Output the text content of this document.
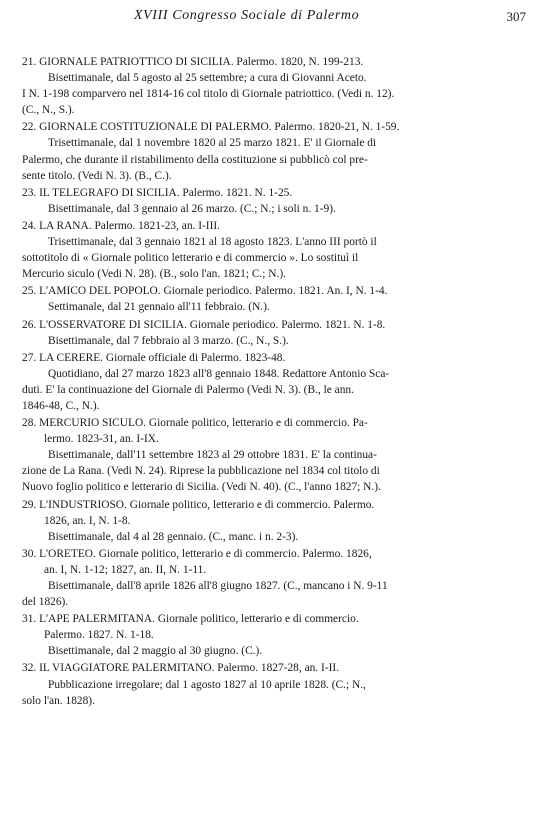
XVIII Congresso Sociale di Palermo	307

21. GIORNALE PATRIOTTICO DI SICILIA. Palermo. 1820, N. 199-213.

Bisettimanale, dal 5 agosto al 25 settembre; a cura di Giovanni Aceto.

I N. 1-198 comparvero nel 1814-16 col titolo di Giornale patriottico. (Vedi n. 12).

(C., N., S.).

22. GIORNALE COSTITUZIONALE DI PALERMO. Palermo. 1820-21, N. 1-59.

Trisettimanale, dal 1 novembre 1820 al 25 marzo 1821. E' il Giornale di

Palermo, che durante il ristabilimento della costituzione si pubblicò col pre-

sente titolo. (Vedi N. 3). (B., C.).

23. IL TELEGRAFO DI SICILIA. Palermo. 1821. N. 1-25.

Bisettimanale, dal 3 gennaio al 26 marzo. (C.; N.; i soli n. 1-9).

24. LA RANA. Palermo. 1821-23, an. I-III.

Trisettimanale, dal 3 gennaio 1821 al 18 agosto 1823. L'anno III portò il

sottotitolo di « Giornale politico letterario e di commercio ». Lo sostituì il

Mercurio siculo (Vedi N. 28). (B., solo l'an. 1821; C.; N.).

25. L'AMICO DEL POPOLO. Giornale periodico. Palermo. 1821. An. I, N. 1-4.

Settimanale, dal 21 gennaio all'11 febbraio. (N.).

26. L'OSSERVATORE DI SICILIA. Giornale periodico. Palermo. 1821. N. 1-8.

Bisettimanale, dal 7 febbraio al 3 marzo. (C., N., S.).

27. LA CERERE. Giornale officiale di Palermo. 1823-48.

Quotidiano, dal 27 marzo 1823 all'8 gennaio 1848. Redattore Antonio Sca-

duti. E' la continuazione del Giornale di Palermo (Vedi N. 3). (B., le ann.

1846-48, C., N.).

28. MERCURIO SICULO. Giornale politico, letterario e di commercio. Pa-

lermo. 1823-31, an. I-IX.

Bisettimanale, dall'11 settembre 1823 al 29 ottobre 1831. E' la continua-

zione de La Rana. (Vedi N. 24). Riprese la pubblicazione nel 1834 col titolo di

Nuovo foglio politico e letterario di Sicilia. (Vedi N. 40). (C., l'anno 1827; N.).

29. L'INDUSTRIOSO. Giornale politico, letterario e di commercio. Palermo.

1826, an. I, N. 1-8.

Bisettimanale, dal 4 al 28 gennaio. (C., manc. i n. 2-3).

30. L'ORETEO. Giornale politico, letterario e di commercio. Palermo. 1826,

an. I, N. 1-12; 1827, an. II, N. 1-11.

Bisettimanale, dall'8 aprile 1826 all'8 giugno 1827. (C., mancano i N. 9-11

del 1826).

31. L'APE PALERMITANA. Giornale politico, letterario e di commercio.

Palermo. 1827. N. 1-18.

Bisettimanale, dal 2 maggio al 30 giugno. (C.).

32. IL VIAGGIATORE PALERMITANO. Palermo. 1827-28, an. I-II.

Pubblicazione irregolare; dal 1 agosto 1827 al 10 aprile 1828. (C.; N.,

solo l'an. 1828).
